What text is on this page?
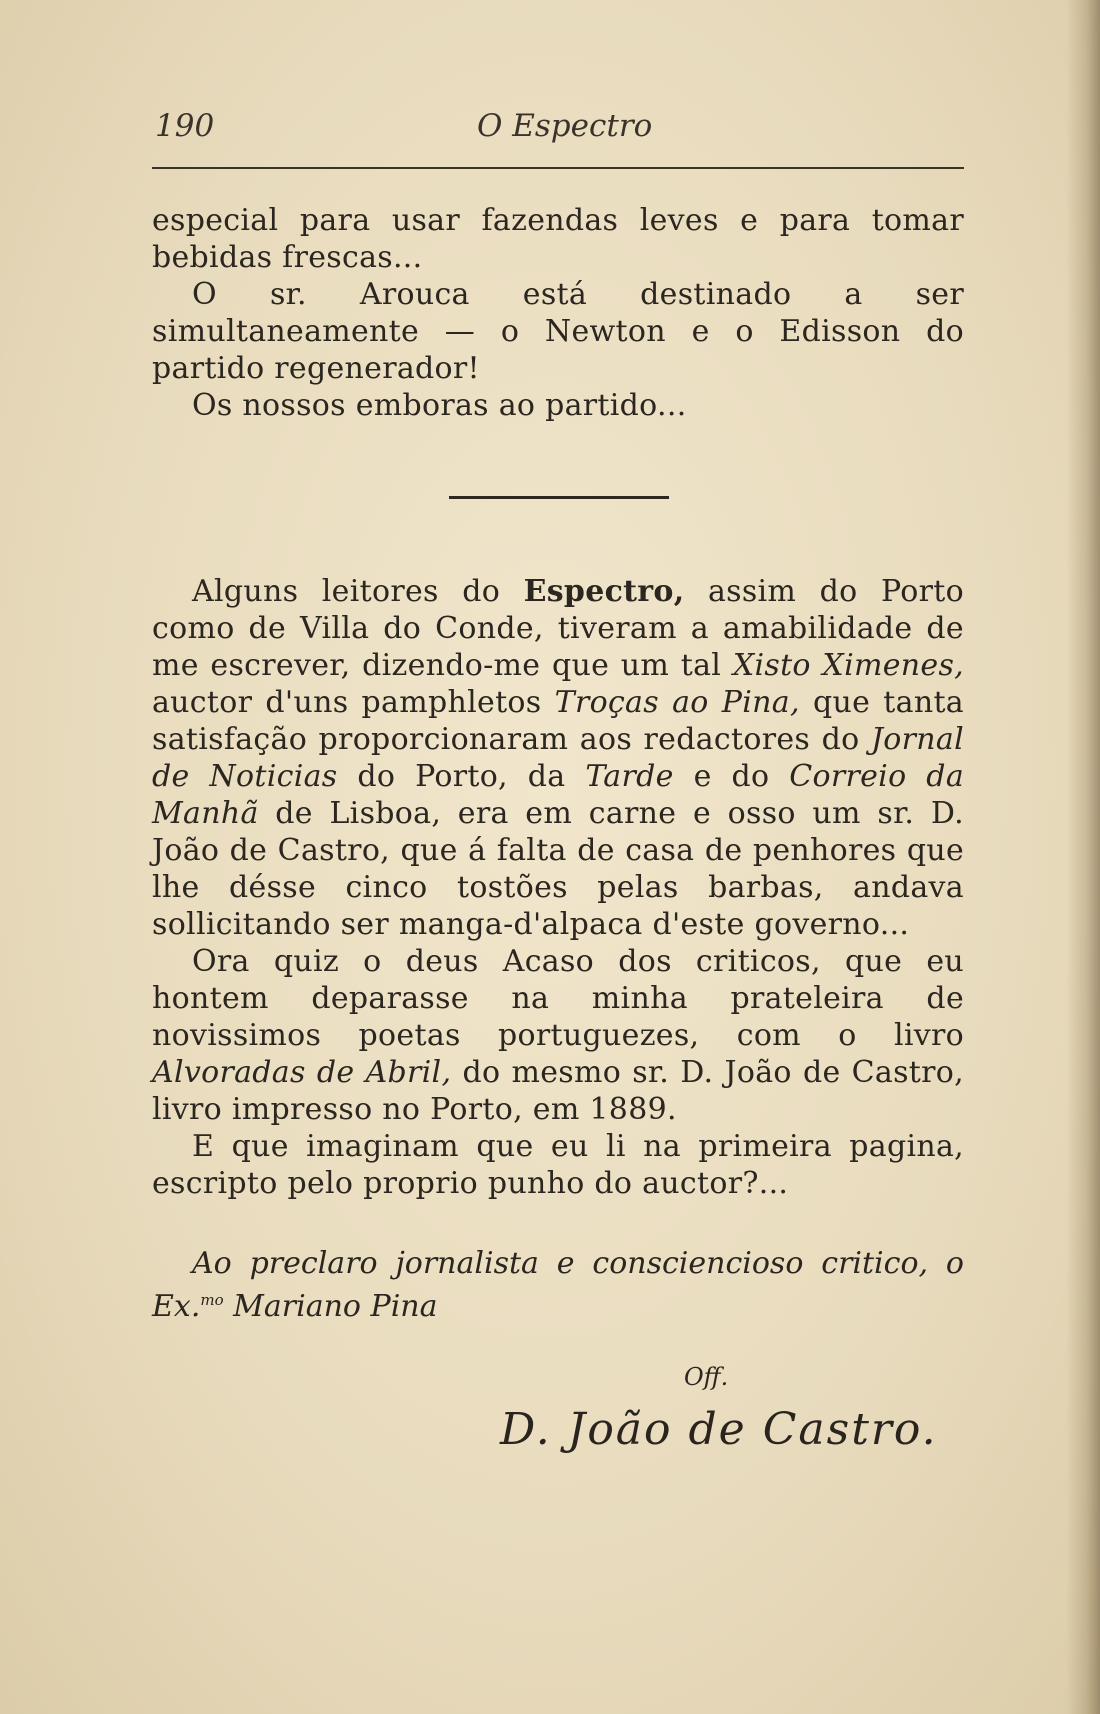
190	O Espectro

especial para usar fazendas leves e para tomar bebidas frescas...

O sr. Arouca está destinado a ser simultaneamente — o Newton e o Edisson do partido regenerador!

Os nossos emboras ao partido...

Alguns leitores do Espectro, assim do Porto como de Villa do Conde, tiveram a amabilidade de me escrever, dizendo-me que um tal Xisto Ximenes, auctor d'uns pamphletos Troças ao Pina, que tanta satisfação proporcionaram aos redactores do Jornal de Noticias do Porto, da Tarde e do Correio da Manhã de Lisboa, era em carne e osso um sr. D. João de Castro, que á falta de casa de penhores que lhe désse cinco tostões pelas barbas, andava sollicitando ser manga-d'alpaca d'este governo...

Ora quiz o deus Acaso dos criticos, que eu hontem deparasse na minha prateleira de novissimos poetas portuguezes, com o livro Alvoradas de Abril, do mesmo sr. D. João de Castro, livro impresso no Porto, em 1889.

E que imaginam que eu li na primeira pagina, escripto pelo proprio punho do auctor?...

Ao preclaro jornalista e consciencioso critico, o Ex.$^{mo}$ Mariano Pina

Off.
D. João de Castro.
